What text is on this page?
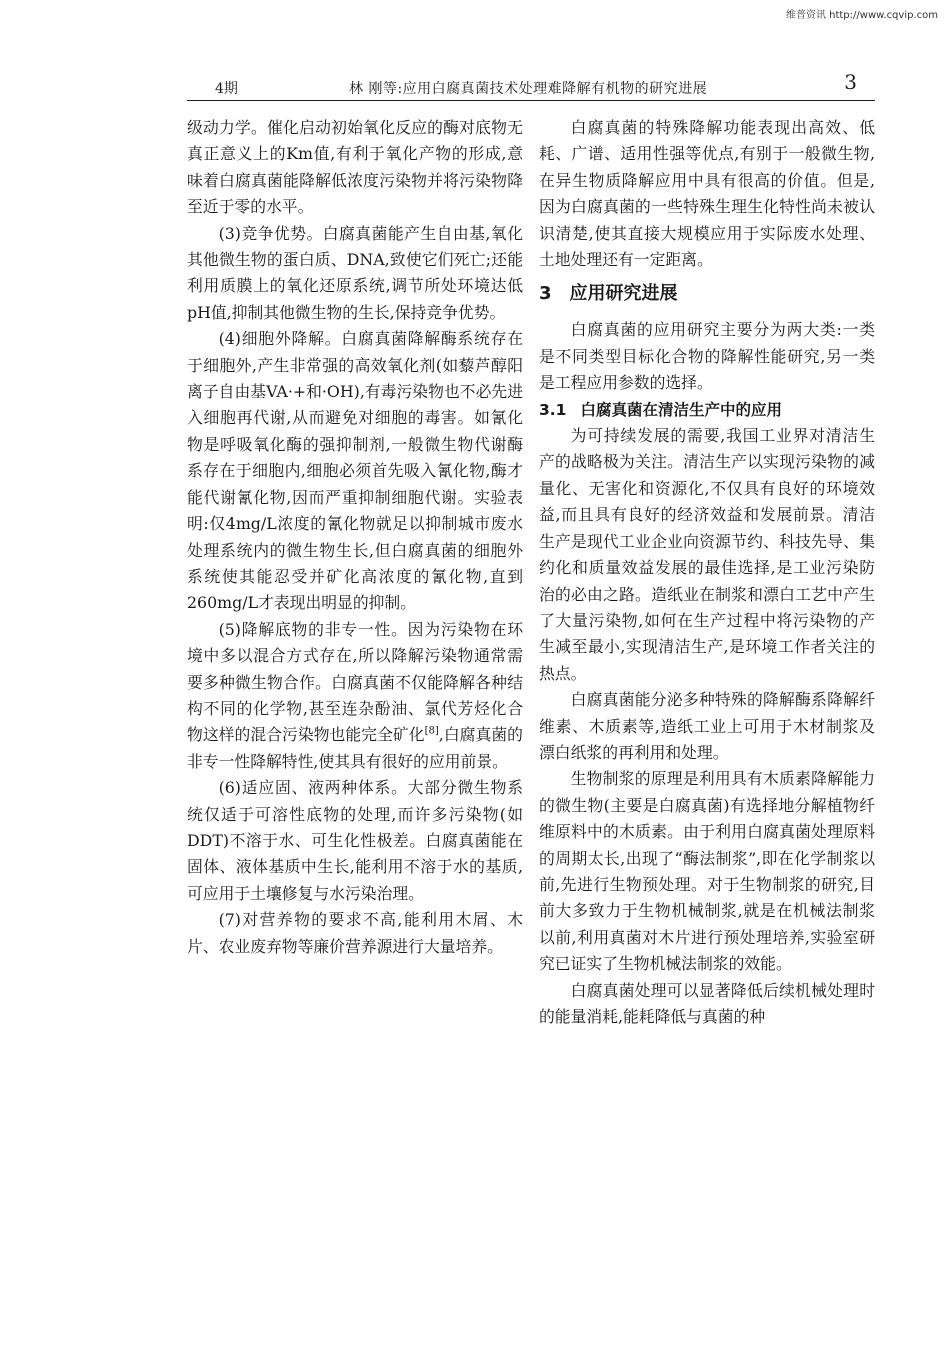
维普资讯 http://www.cqvip.com
4期	林 刚等:应用白腐真菌技术处理难降解有机物的研究进展	3

级动力学。催化启动初始氧化反应的酶对底物无真正意义上的Km值,有利于氧化产物的形成,意味着白腐真菌能降解低浓度污染物并将污染物降至近于零的水平。

(3)竞争优势。白腐真菌能产生自由基,氧化其他微生物的蛋白质、DNA,致使它们死亡;还能利用质膜上的氧化还原系统,调节所处环境达低pH值,抑制其他微生物的生长,保持竞争优势。

(4)细胞外降解。白腐真菌降解酶系统存在于细胞外,产生非常强的高效氧化剂(如藜芦醇阳离子自由基VA·+和·OH),有毒污染物也不必先进入细胞再代谢,从而避免对细胞的毒害。如氰化物是呼吸氧化酶的强抑制剂,一般微生物代谢酶系存在于细胞内,细胞必须首先吸入氰化物,酶才能代谢氰化物,因而严重抑制细胞代谢。实验表明:仅4mg/L浓度的氰化物就足以抑制城市废水处理系统内的微生物生长,但白腐真菌的细胞外系统使其能忍受并矿化高浓度的氰化物,直到260mg/L才表现出明显的抑制。

(5)降解底物的非专一性。因为污染物在环境中多以混合方式存在,所以降解污染物通常需要多种微生物合作。白腐真菌不仅能降解各种结构不同的化学物,甚至连杂酚油、氯代芳烃化合物这样的混合污染物也能完全矿化[8],白腐真菌的非专一性降解特性,使其具有很好的应用前景。

(6)适应固、液两种体系。大部分微生物系统仅适于可溶性底物的处理,而许多污染物(如DDT)不溶于水、可生化性极差。白腐真菌能在固体、液体基质中生长,能利用不溶于水的基质,可应用于土壤修复与水污染治理。

(7)对营养物的要求不高,能利用木屑、木片、农业废弃物等廉价营养源进行大量培养。

白腐真菌的特殊降解功能表现出高效、低耗、广谱、适用性强等优点,有别于一般微生物,在异生物质降解应用中具有很高的价值。但是,因为白腐真菌的一些特殊生理生化特性尚未被认识清楚,使其直接大规模应用于实际废水处理、土地处理还有一定距离。

3 应用研究进展

白腐真菌的应用研究主要分为两大类:一类是不同类型目标化合物的降解性能研究,另一类是工程应用参数的选择。

3.1 白腐真菌在清洁生产中的应用

为可持续发展的需要,我国工业界对清洁生产的战略极为关注。清洁生产以实现污染物的减量化、无害化和资源化,不仅具有良好的环境效益,而且具有良好的经济效益和发展前景。清洁生产是现代工业企业向资源节约、科技先导、集约化和质量效益发展的最佳选择,是工业污染防治的必由之路。造纸业在制浆和漂白工艺中产生了大量污染物,如何在生产过程中将污染物的产生减至最小,实现清洁生产,是环境工作者关注的热点。

白腐真菌能分泌多种特殊的降解酶系降解纤维素、木质素等,造纸工业上可用于木材制浆及漂白纸浆的再利用和处理。

生物制浆的原理是利用具有木质素降解能力的微生物(主要是白腐真菌)有选择地分解植物纤维原料中的木质素。由于利用白腐真菌处理原料的周期太长,出现了“酶法制浆”,即在化学制浆以前,先进行生物预处理。对于生物制浆的研究,目前大多致力于生物机械制浆,就是在机械法制浆以前,利用真菌对木片进行预处理培养,实验室研究已证实了生物机械法制浆的效能。

白腐真菌处理可以显著降低后续机械处理时的能量消耗,能耗降低与真菌的种
